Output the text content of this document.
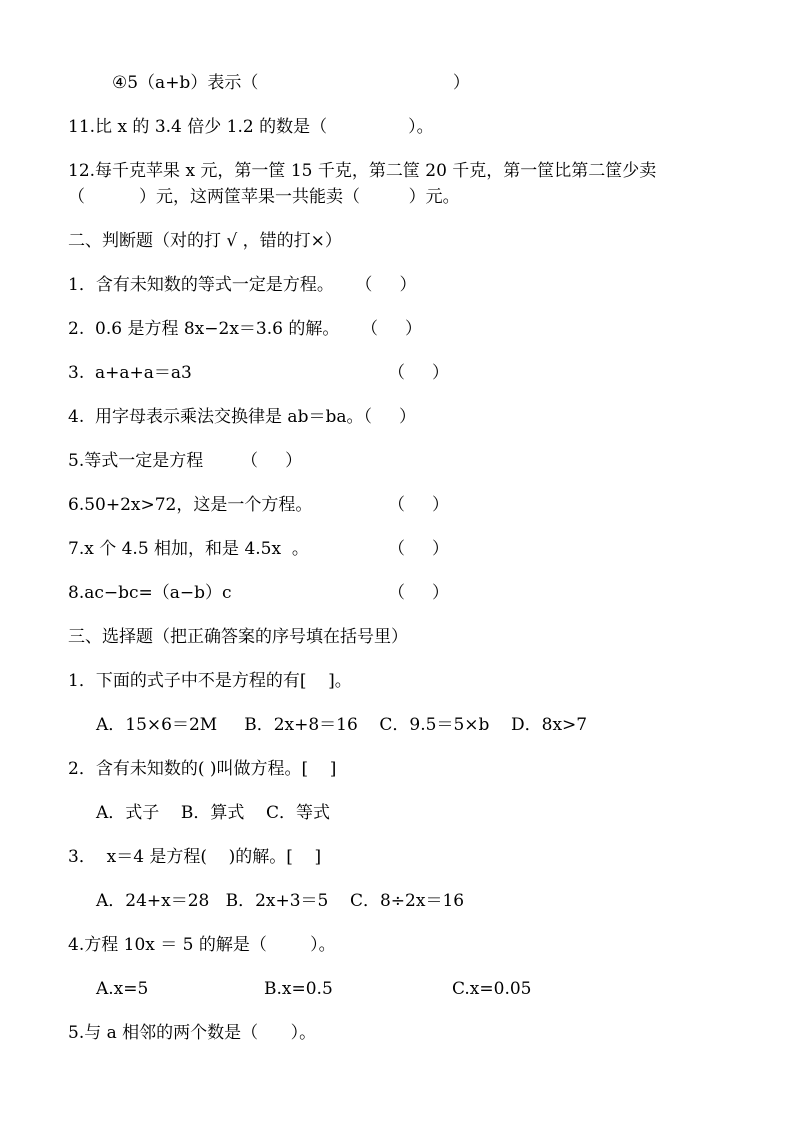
④5（a+b）表示（                                    ）
11.比 x 的 3.4 倍少 1.2 的数是（               ）。
12.每千克苹果 x 元，第一筐 15 千克，第二筐 20 千克，第一筐比第二筐少卖
（          ）元，这两筐苹果一共能卖（         ）元。
二、判断题（对的打 √ ，错的打×）
1．含有未知数的等式一定是方程。    （     ）
2.  0.6 是方程 8x−2x＝3.6 的解。    （     ）
3.  a+a+a＝a3	（     ）
4.  用字母表示乘法交换律是 ab＝ba。（     ）
5.等式一定是方程       （     ）
6.50+2x>72，这是一个方程。	（     ）
7.x 个 4.5 相加，和是 4.5x  。	（     ）
8.ac−bc=（a−b）c	（     ）
三、选择题（把正确答案的序号填在括号里）
1．下面的式子中不是方程的有[    ]。
A．15×6＝2M     B．2x+8＝16    C．9.5＝5×b    D．8x>7
2．含有未知数的( )叫做方程。[    ]
A．式子    B．算式    C．等式
3．  x＝4 是方程(    )的解。[    ]
A．24+x＝28   B．2x+3＝5    C．8÷2x＝16
4.方程 10x ＝ 5 的解是（        ）。
A.x=5	B.x=0.5	C.x=0.05
5.与 a 相邻的两个数是（      ）。
